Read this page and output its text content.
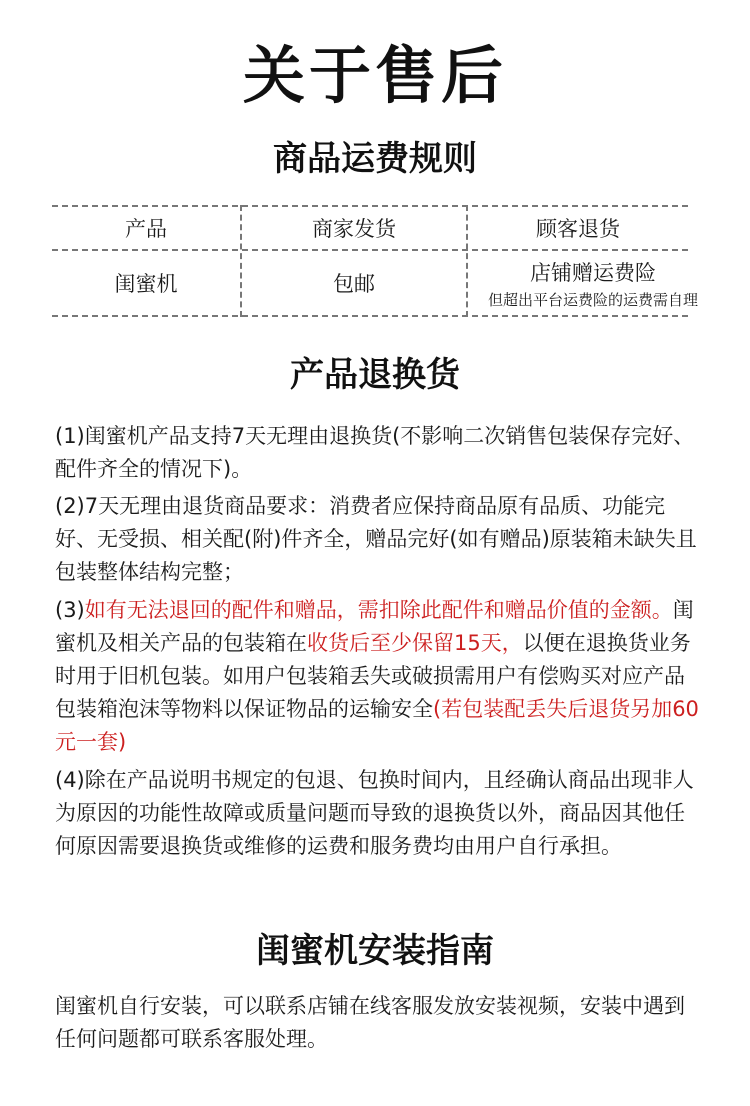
关于售后
商品运费规则
产品	商家发货	顾客退货
闺蜜机	包邮	店铺赠运费险
但超出平台运费险的运费需自理
产品退换货
(1)闺蜜机产品支持7天无理由退换货(不影响二次销售包装保存完好、配件齐全的情况下)。
(2)7天无理由退货商品要求：消费者应保持商品原有品质、功能完好、无受损、相关配(附)件齐全，赠品完好(如有赠品)原装箱未缺失且包装整体结构完整；
(3)如有无法退回的配件和赠品，需扣除此配件和赠品价值的金额。闺蜜机及相关产品的包装箱在收货后至少保留15天，以便在退换货业务时用于旧机包装。如用户包装箱丢失或破损需用户有偿购买对应产品包装箱泡沫等物料以保证物品的运输安全(若包装配丢失后退货另加60元一套)
(4)除在产品说明书规定的包退、包换时间内，且经确认商品出现非人为原因的功能性故障或质量问题而导致的退换货以外，商品因其他任何原因需要退换货或维修的运费和服务费均由用户自行承担。
闺蜜机安装指南
闺蜜机自行安装，可以联系店铺在线客服发放安装视频，安装中遇到任何问题都可联系客服处理。
